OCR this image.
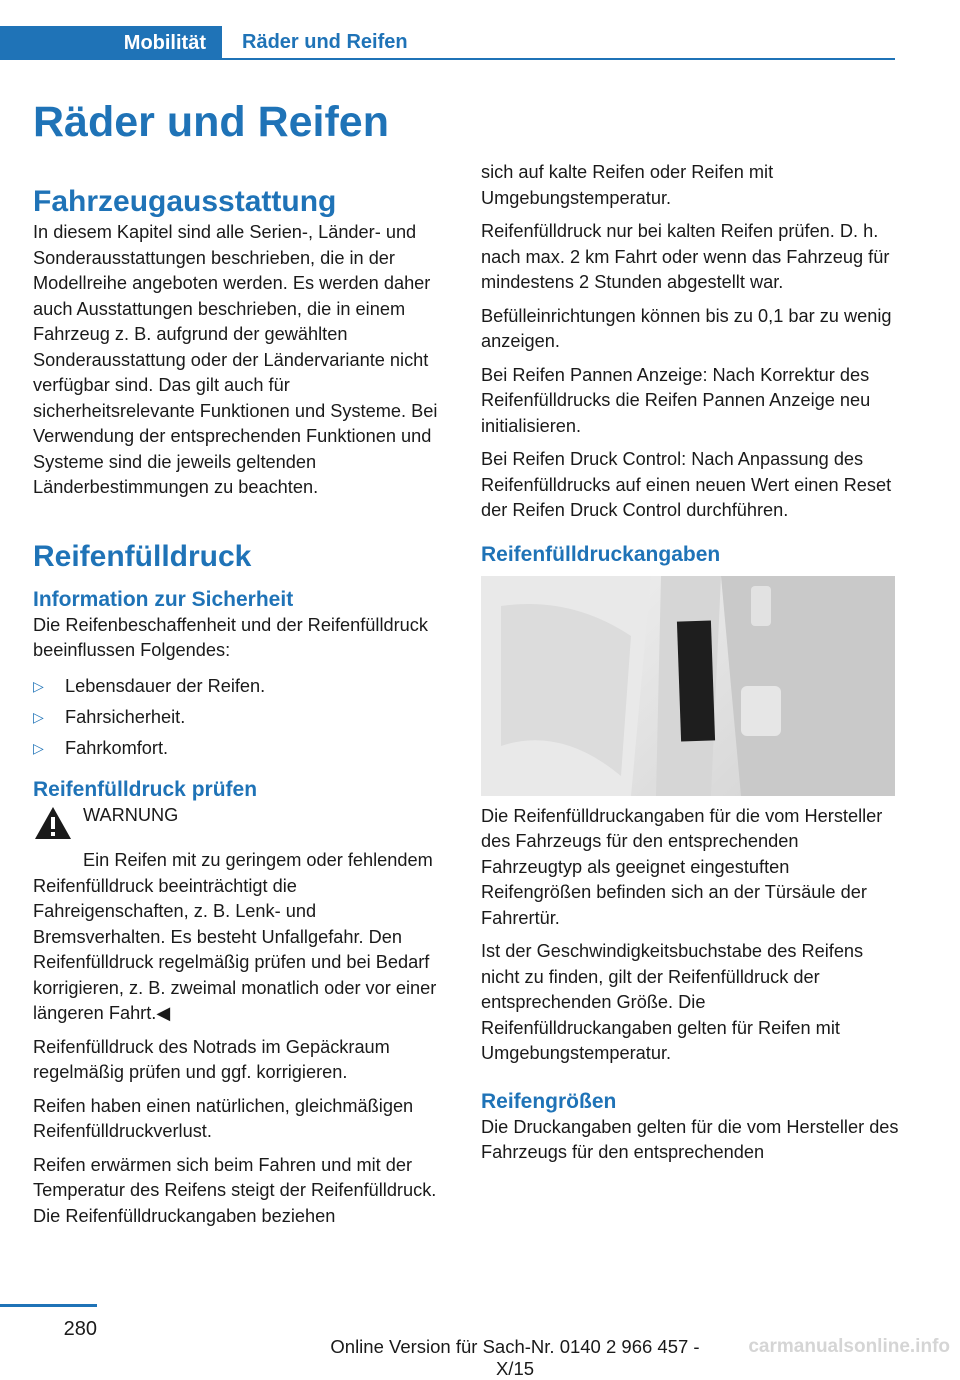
Mobilität	Räder und Reifen
Räder und Reifen
Fahrzeugausstattung

In diesem Kapitel sind alle Serien-, Länder- und Sonderausstattungen beschrieben, die in der Modellreihe angeboten werden. Es werden daher auch Ausstattungen beschrieben, die in einem Fahrzeug z. B. aufgrund der gewählten Sonderausstattung oder der Ländervariante nicht verfügbar sind. Das gilt auch für sicherheitsrelevante Funktionen und Systeme. Bei Verwendung der entsprechenden Funktionen und Systeme sind die jeweils geltenden Länderbestimmungen zu beachten.

Reifenfülldruck
Information zur Sicherheit

Die Reifenbeschaffenheit und der Reifenfülldruck beeinflussen Folgendes:

▷	Lebensdauer der Reifen.
▷	Fahrsicherheit.
▷	Fahrkomfort.
Reifenfülldruck prüfen
WARNUNG

Ein Reifen mit zu geringem oder fehlendem Reifenfülldruck beeinträchtigt die Fahreigenschaften, z. B. Lenk- und Bremsverhalten. Es besteht Unfallgefahr. Den Reifenfülldruck regelmäßig prüfen und bei Bedarf korrigieren, z. B. zweimal monatlich oder vor einer längeren Fahrt.◀

Reifenfülldruck des Notrads im Gepäckraum regelmäßig prüfen und ggf. korrigieren.

Reifen haben einen natürlichen, gleichmäßigen Reifenfülldruckverlust.

Reifen erwärmen sich beim Fahren und mit der Temperatur des Reifens steigt der Reifenfülldruck. Die Reifenfülldruckangaben beziehen

sich auf kalte Reifen oder Reifen mit Umgebungstemperatur.

Reifenfülldruck nur bei kalten Reifen prüfen. D. h. nach max. 2 km Fahrt oder wenn das Fahrzeug für mindestens 2 Stunden abgestellt war.

Befülleinrichtungen können bis zu 0,1 bar zu wenig anzeigen.

Bei Reifen Pannen Anzeige: Nach Korrektur des Reifenfülldrucks die Reifen Pannen Anzeige neu initialisieren.

Bei Reifen Druck Control: Nach Anpassung des Reifenfülldrucks auf einen neuen Wert einen Reset der Reifen Druck Control durchführen.

Reifenfülldruckangaben

Die Reifenfülldruckangaben für die vom Hersteller des Fahrzeugs für den entsprechenden Fahrzeugtyp als geeignet eingestuften Reifengrößen befinden sich an der Türsäule der Fahrertür.

Ist der Geschwindigkeitsbuchstabe des Reifens nicht zu finden, gilt der Reifenfülldruck der entsprechenden Größe. Die Reifenfülldruckangaben gelten für Reifen mit Umgebungstemperatur.

Reifengrößen

Die Druckangaben gelten für die vom Hersteller des Fahrzeugs für den entsprechenden

280
Online Version für Sach-Nr. 0140 2 966 457 - X/15
carmanualsonline.info
